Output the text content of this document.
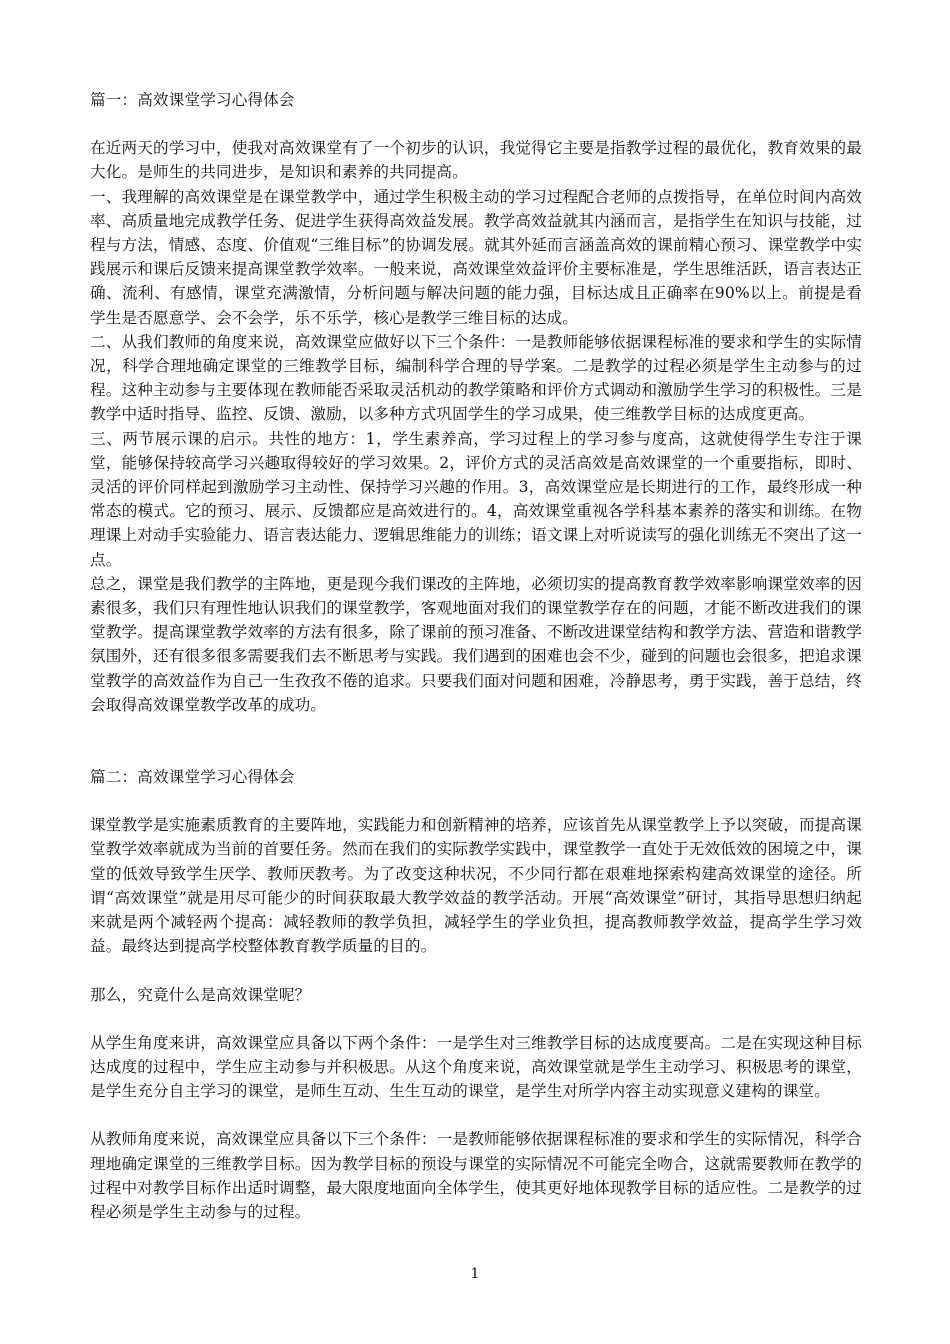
篇一：高效课堂学习心得体会

在近两天的学习中，使我对高效课堂有了一个初步的认识，我觉得它主要是指教学过程的最优化，教育效果的最大化。是师生的共同进步，是知识和素养的共同提高。

一、我理解的高效课堂是在课堂教学中，通过学生积极主动的学习过程配合老师的点拨指导，在单位时间内高效率、高质量地完成教学任务、促进学生获得高效益发展。教学高效益就其内涵而言，是指学生在知识与技能，过程与方法，情感、态度、价值观“三维目标”的协调发展。就其外延而言涵盖高效的课前精心预习、课堂教学中实践展示和课后反馈来提高课堂教学效率。一般来说，高效课堂效益评价主要标准是，学生思维活跃，语言表达正确、流利、有感情，课堂充满激情，分析问题与解决问题的能力强，目标达成且正确率在90%以上。前提是看学生是否愿意学、会不会学，乐不乐学，核心是教学三维目标的达成。

二、从我们教师的角度来说，高效课堂应做好以下三个条件：一是教师能够依据课程标准的要求和学生的实际情况，科学合理地确定课堂的三维教学目标，编制科学合理的导学案。二是教学的过程必须是学生主动参与的过程。这种主动参与主要体现在教师能否采取灵活机动的教学策略和评价方式调动和激励学生学习的积极性。三是教学中适时指导、监控、反馈、激励，以多种方式巩固学生的学习成果，使三维教学目标的达成度更高。

三、两节展示课的启示。共性的地方：1，学生素养高，学习过程上的学习参与度高，这就使得学生专注于课堂，能够保持较高学习兴趣取得较好的学习效果。2，评价方式的灵活高效是高效课堂的一个重要指标，即时、灵活的评价同样起到激励学习主动性、保持学习兴趣的作用。3，高效课堂应是长期进行的工作，最终形成一种常态的模式。它的预习、展示、反馈都应是高效进行的。4，高效课堂重视各学科基本素养的落实和训练。在物理课上对动手实验能力、语言表达能力、逻辑思维能力的训练；语文课上对听说读写的强化训练无不突出了这一点。

总之，课堂是我们教学的主阵地，更是现今我们课改的主阵地，必须切实的提高教育教学效率影响课堂效率的因素很多，我们只有理性地认识我们的课堂教学，客观地面对我们的课堂教学存在的问题，才能不断改进我们的课堂教学。提高课堂教学效率的方法有很多，除了课前的预习准备、不断改进课堂结构和教学方法、营造和谐教学氛围外，还有很多很多需要我们去不断思考与实践。我们遇到的困难也会不少，碰到的问题也会很多，把追求课堂教学的高效益作为自己一生孜孜不倦的追求。只要我们面对问题和困难，冷静思考，勇于实践，善于总结，终会取得高效课堂教学改革的成功。

篇二：高效课堂学习心得体会

课堂教学是实施素质教育的主要阵地，实践能力和创新精神的培养，应该首先从课堂教学上予以突破，而提高课堂教学效率就成为当前的首要任务。然而在我们的实际教学实践中，课堂教学一直处于无效低效的困境之中，课堂的低效导致学生厌学、教师厌教考。为了改变这种状况，不少同行都在艰难地探索构建高效课堂的途径。所谓“高效课堂”就是用尽可能少的时间获取最大教学效益的教学活动。开展“高效课堂”研讨，其指导思想归纳起来就是两个减轻两个提高：减轻教师的教学负担，减轻学生的学业负担，提高教师教学效益，提高学生学习效益。最终达到提高学校整体教育教学质量的目的。

那么，究竟什么是高效课堂呢？

从学生角度来讲，高效课堂应具备以下两个条件：一是学生对三维教学目标的达成度要高。二是在实现这种目标达成度的过程中，学生应主动参与并积极思。从这个角度来说，高效课堂就是学生主动学习、积极思考的课堂，是学生充分自主学习的课堂，是师生互动、生生互动的课堂，是学生对所学内容主动实现意义建构的课堂。

从教师角度来说，高效课堂应具备以下三个条件：一是教师能够依据课程标准的要求和学生的实际情况，科学合理地确定课堂的三维教学目标。因为教学目标的预设与课堂的实际情况不可能完全吻合，这就需要教师在教学的过程中对教学目标作出适时调整，最大限度地面向全体学生，使其更好地体现教学目标的适应性。二是教学的过程必须是学生主动参与的过程。

1
